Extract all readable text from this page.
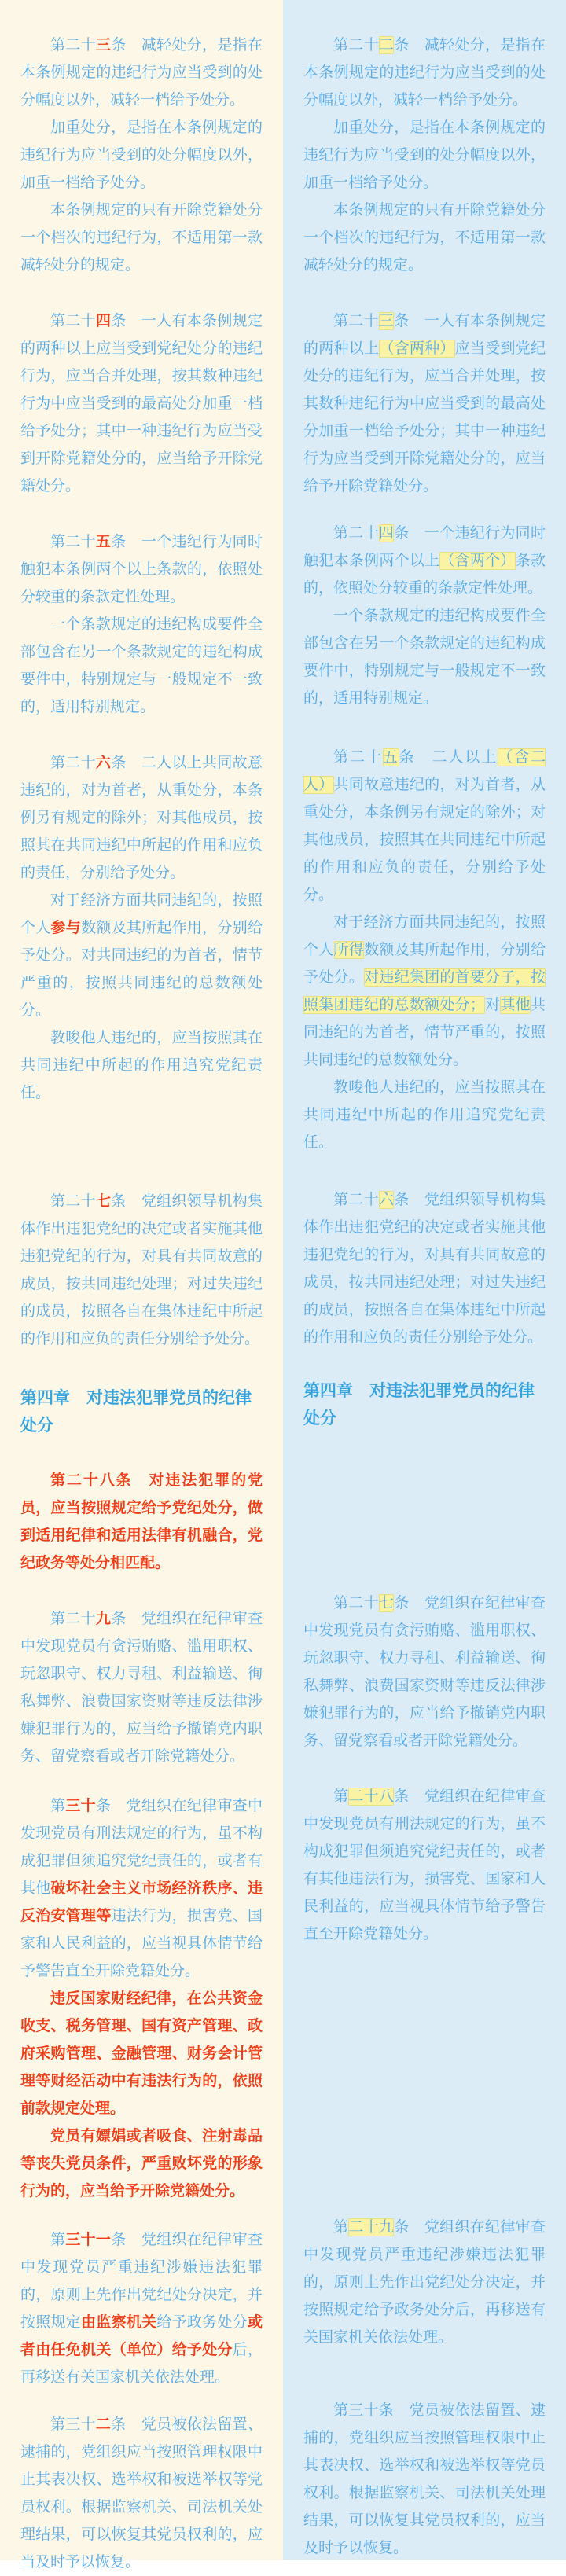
第二十三条　减轻处分，是指在本条例规定的违纪行为应当受到的处分幅度以外，减轻一档给予处分。

加重处分，是指在本条例规定的违纪行为应当受到的处分幅度以外，加重一档给予处分。

本条例规定的只有开除党籍处分一个档次的违纪行为，不适用第一款减轻处分的规定。

第二十四条　一人有本条例规定的两种以上应当受到党纪处分的违纪行为，应当合并处理，按其数种违纪行为中应当受到的最高处分加重一档给予处分；其中一种违纪行为应当受到开除党籍处分的，应当给予开除党籍处分。

第二十五条　一个违纪行为同时触犯本条例两个以上条款的，依照处分较重的条款定性处理。

一个条款规定的违纪构成要件全部包含在另一个条款规定的违纪构成要件中，特别规定与一般规定不一致的，适用特别规定。

第二十六条　二人以上共同故意违纪的，对为首者，从重处分，本条例另有规定的除外；对其他成员，按照其在共同违纪中所起的作用和应负的责任，分别给予处分。

对于经济方面共同违纪的，按照个人参与数额及其所起作用，分别给予处分。对共同违纪的为首者，情节严重的，按照共同违纪的总数额处分。

教唆他人违纪的，应当按照其在共同违纪中所起的作用追究党纪责任。

第二十七条　党组织领导机构集体作出违犯党纪的决定或者实施其他违犯党纪的行为，对具有共同故意的成员，按共同违纪处理；对过失违纪的成员，按照各自在集体违纪中所起的作用和应负的责任分别给予处分。

第四章　对违法犯罪党员的纪律处分

第二十八条　对违法犯罪的党员，应当按照规定给予党纪处分，做到适用纪律和适用法律有机融合，党纪政务等处分相匹配。

第二十九条　党组织在纪律审查中发现党员有贪污贿赂、滥用职权、玩忽职守、权力寻租、利益输送、徇私舞弊、浪费国家资财等违反法律涉嫌犯罪行为的，应当给予撤销党内职务、留党察看或者开除党籍处分。

第三十条　党组织在纪律审查中发现党员有刑法规定的行为，虽不构成犯罪但须追究党纪责任的，或者有其他破坏社会主义市场经济秩序、违反治安管理等违法行为，损害党、国家和人民利益的，应当视具体情节给予警告直至开除党籍处分。

违反国家财经纪律，在公共资金收支、税务管理、国有资产管理、政府采购管理、金融管理、财务会计管理等财经活动中有违法行为的，依照前款规定处理。

党员有嫖娼或者吸食、注射毒品等丧失党员条件，严重败坏党的形象行为的，应当给予开除党籍处分。

第三十一条　党组织在纪律审查中发现党员严重违纪涉嫌违法犯罪的，原则上先作出党纪处分决定，并按照规定由监察机关给予政务处分或者由任免机关（单位）给予处分后，再移送有关国家机关依法处理。

第三十二条　党员被依法留置、逮捕的，党组织应当按照管理权限中止其表决权、选举权和被选举权等党员权利。根据监察机关、司法机关处理结果，可以恢复其党员权利的，应当及时予以恢复。

第二十二条　减轻处分，是指在本条例规定的违纪行为应当受到的处分幅度以外，减轻一档给予处分。

加重处分，是指在本条例规定的违纪行为应当受到的处分幅度以外，加重一档给予处分。

本条例规定的只有开除党籍处分一个档次的违纪行为，不适用第一款减轻处分的规定。

第二十三条　一人有本条例规定的两种以上（含两种）应当受到党纪处分的违纪行为，应当合并处理，按其数种违纪行为中应当受到的最高处分加重一档给予处分；其中一种违纪行为应当受到开除党籍处分的，应当给予开除党籍处分。

第二十四条　一个违纪行为同时触犯本条例两个以上（含两个）条款的，依照处分较重的条款定性处理。

一个条款规定的违纪构成要件全部包含在另一个条款规定的违纪构成要件中，特别规定与一般规定不一致的，适用特别规定。

第二十五条　二人以上（含二人）共同故意违纪的，对为首者，从重处分，本条例另有规定的除外；对其他成员，按照其在共同违纪中所起的作用和应负的责任，分别给予处分。

对于经济方面共同违纪的，按照个人所得数额及其所起作用，分别给予处分。对违纪集团的首要分子，按照集团违纪的总数额处分；对其他共同违纪的为首者，情节严重的，按照共同违纪的总数额处分。

教唆他人违纪的，应当按照其在共同违纪中所起的作用追究党纪责任。

第二十六条　党组织领导机构集体作出违犯党纪的决定或者实施其他违犯党纪的行为，对具有共同故意的成员，按共同违纪处理；对过失违纪的成员，按照各自在集体违纪中所起的作用和应负的责任分别给予处分。

第四章　对违法犯罪党员的纪律处分

第二十七条　党组织在纪律审查中发现党员有贪污贿赂、滥用职权、玩忽职守、权力寻租、利益输送、徇私舞弊、浪费国家资财等违反法律涉嫌犯罪行为的，应当给予撤销党内职务、留党察看或者开除党籍处分。

第二十八条　党组织在纪律审查中发现党员有刑法规定的行为，虽不构成犯罪但须追究党纪责任的，或者有其他违法行为，损害党、国家和人民利益的，应当视具体情节给予警告直至开除党籍处分。

第二十九条　党组织在纪律审查中发现党员严重违纪涉嫌违法犯罪的，原则上先作出党纪处分决定，并按照规定给予政务处分后，再移送有关国家机关依法处理。

第三十条　党员被依法留置、逮捕的，党组织应当按照管理权限中止其表决权、选举权和被选举权等党员权利。根据监察机关、司法机关处理结果，可以恢复其党员权利的，应当及时予以恢复。
